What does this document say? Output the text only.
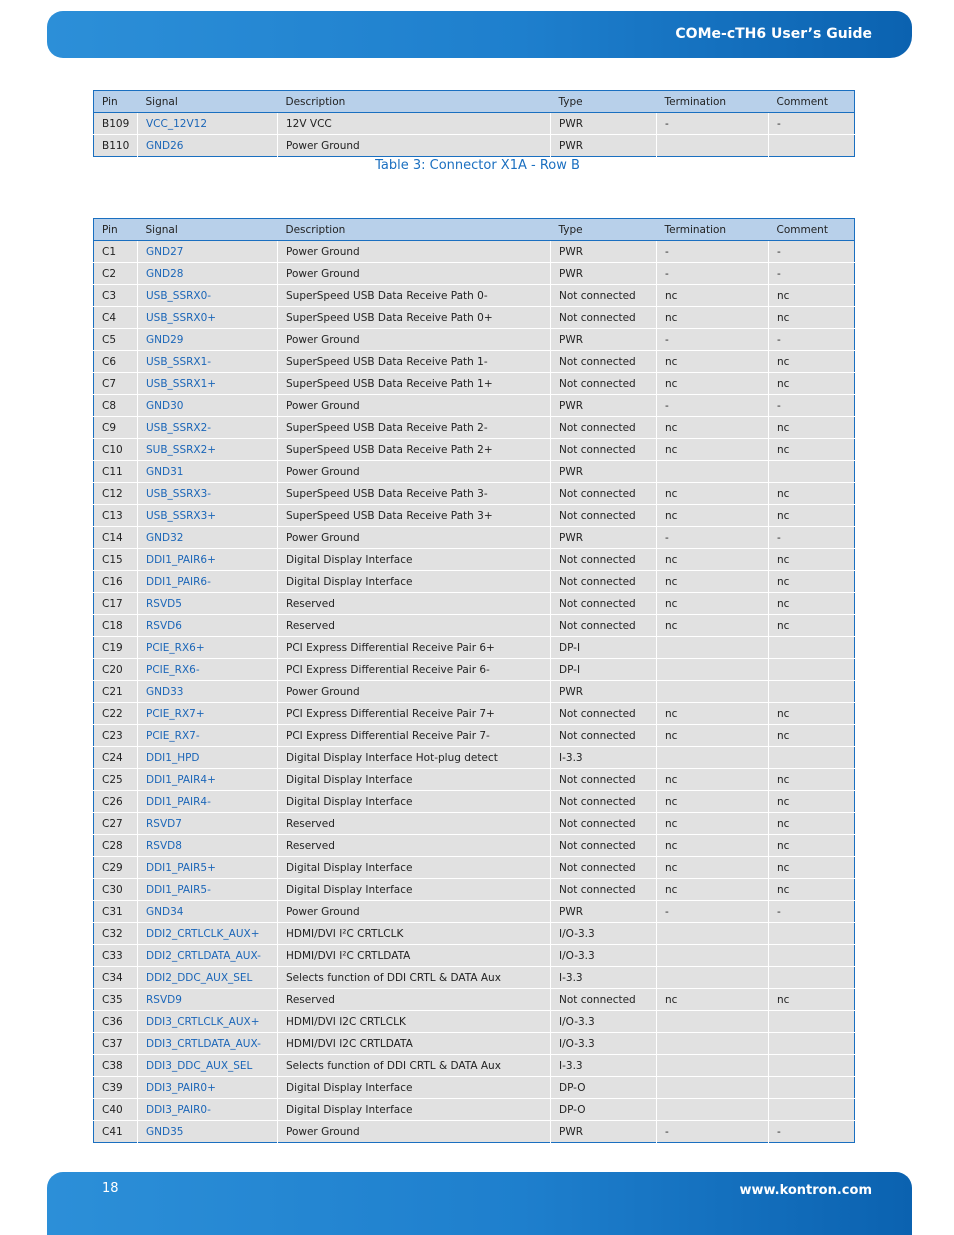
COMe-cTH6 User’s Guide
Pin	Signal	Description	Type	Termination	Comment
B109	VCC_12V12	12V VCC	PWR	-	-
B110	GND26	Power Ground	PWR		
Table 3: Connector X1A - Row B
Pin	Signal	Description	Type	Termination	Comment
C1	GND27	Power Ground	PWR	-	-
C2	GND28	Power Ground	PWR	-	-
C3	USB_SSRX0-	SuperSpeed USB Data Receive Path 0-	Not connected	nc	nc
C4	USB_SSRX0+	SuperSpeed USB Data Receive Path 0+	Not connected	nc	nc
C5	GND29	Power Ground	PWR	-	-
C6	USB_SSRX1-	SuperSpeed USB Data Receive Path 1-	Not connected	nc	nc
C7	USB_SSRX1+	SuperSpeed USB Data Receive Path 1+	Not connected	nc	nc
C8	GND30	Power Ground	PWR	-	-
C9	USB_SSRX2-	SuperSpeed USB Data Receive Path 2-	Not connected	nc	nc
C10	SUB_SSRX2+	SuperSpeed USB Data Receive Path 2+	Not connected	nc	nc
C11	GND31	Power Ground	PWR		
C12	USB_SSRX3-	SuperSpeed USB Data Receive Path 3-	Not connected	nc	nc
C13	USB_SSRX3+	SuperSpeed USB Data Receive Path 3+	Not connected	nc	nc
C14	GND32	Power Ground	PWR	-	-
C15	DDI1_PAIR6+	Digital Display Interface	Not connected	nc	nc
C16	DDI1_PAIR6-	Digital Display Interface	Not connected	nc	nc
C17	RSVD5	Reserved	Not connected	nc	nc
C18	RSVD6	Reserved	Not connected	nc	nc
C19	PCIE_RX6+	PCI Express Differential Receive Pair 6+	DP-I		
C20	PCIE_RX6-	PCI Express Differential Receive Pair 6-	DP-I		
C21	GND33	Power Ground	PWR		
C22	PCIE_RX7+	PCI Express Differential Receive Pair 7+	Not connected	nc	nc
C23	PCIE_RX7-	PCI Express Differential Receive Pair 7-	Not connected	nc	nc
C24	DDI1_HPD	Digital Display Interface Hot-plug detect	I-3.3		
C25	DDI1_PAIR4+	Digital Display Interface	Not connected	nc	nc
C26	DDI1_PAIR4-	Digital Display Interface	Not connected	nc	nc
C27	RSVD7	Reserved	Not connected	nc	nc
C28	RSVD8	Reserved	Not connected	nc	nc
C29	DDI1_PAIR5+	Digital Display Interface	Not connected	nc	nc
C30	DDI1_PAIR5-	Digital Display Interface	Not connected	nc	nc
C31	GND34	Power Ground	PWR	-	-
C32	DDI2_CRTLCLK_AUX+	HDMI/DVI I²C CRTLCLK	I/O-3.3		
C33	DDI2_CRTLDATA_AUX-	HDMI/DVI I²C CRTLDATA	I/O-3.3		
C34	DDI2_DDC_AUX_SEL	Selects function of DDI CRTL & DATA Aux	I-3.3		
C35	RSVD9	Reserved	Not connected	nc	nc
C36	DDI3_CRTLCLK_AUX+	HDMI/DVI I2C CRTLCLK	I/O-3.3		
C37	DDI3_CRTLDATA_AUX-	HDMI/DVI I2C CRTLDATA	I/O-3.3		
C38	DDI3_DDC_AUX_SEL	Selects function of DDI CRTL & DATA Aux	I-3.3		
C39	DDI3_PAIR0+	Digital Display Interface	DP-O		
C40	DDI3_PAIR0-	Digital Display Interface	DP-O		
C41	GND35	Power Ground	PWR	-	-
18	www.kontron.com
